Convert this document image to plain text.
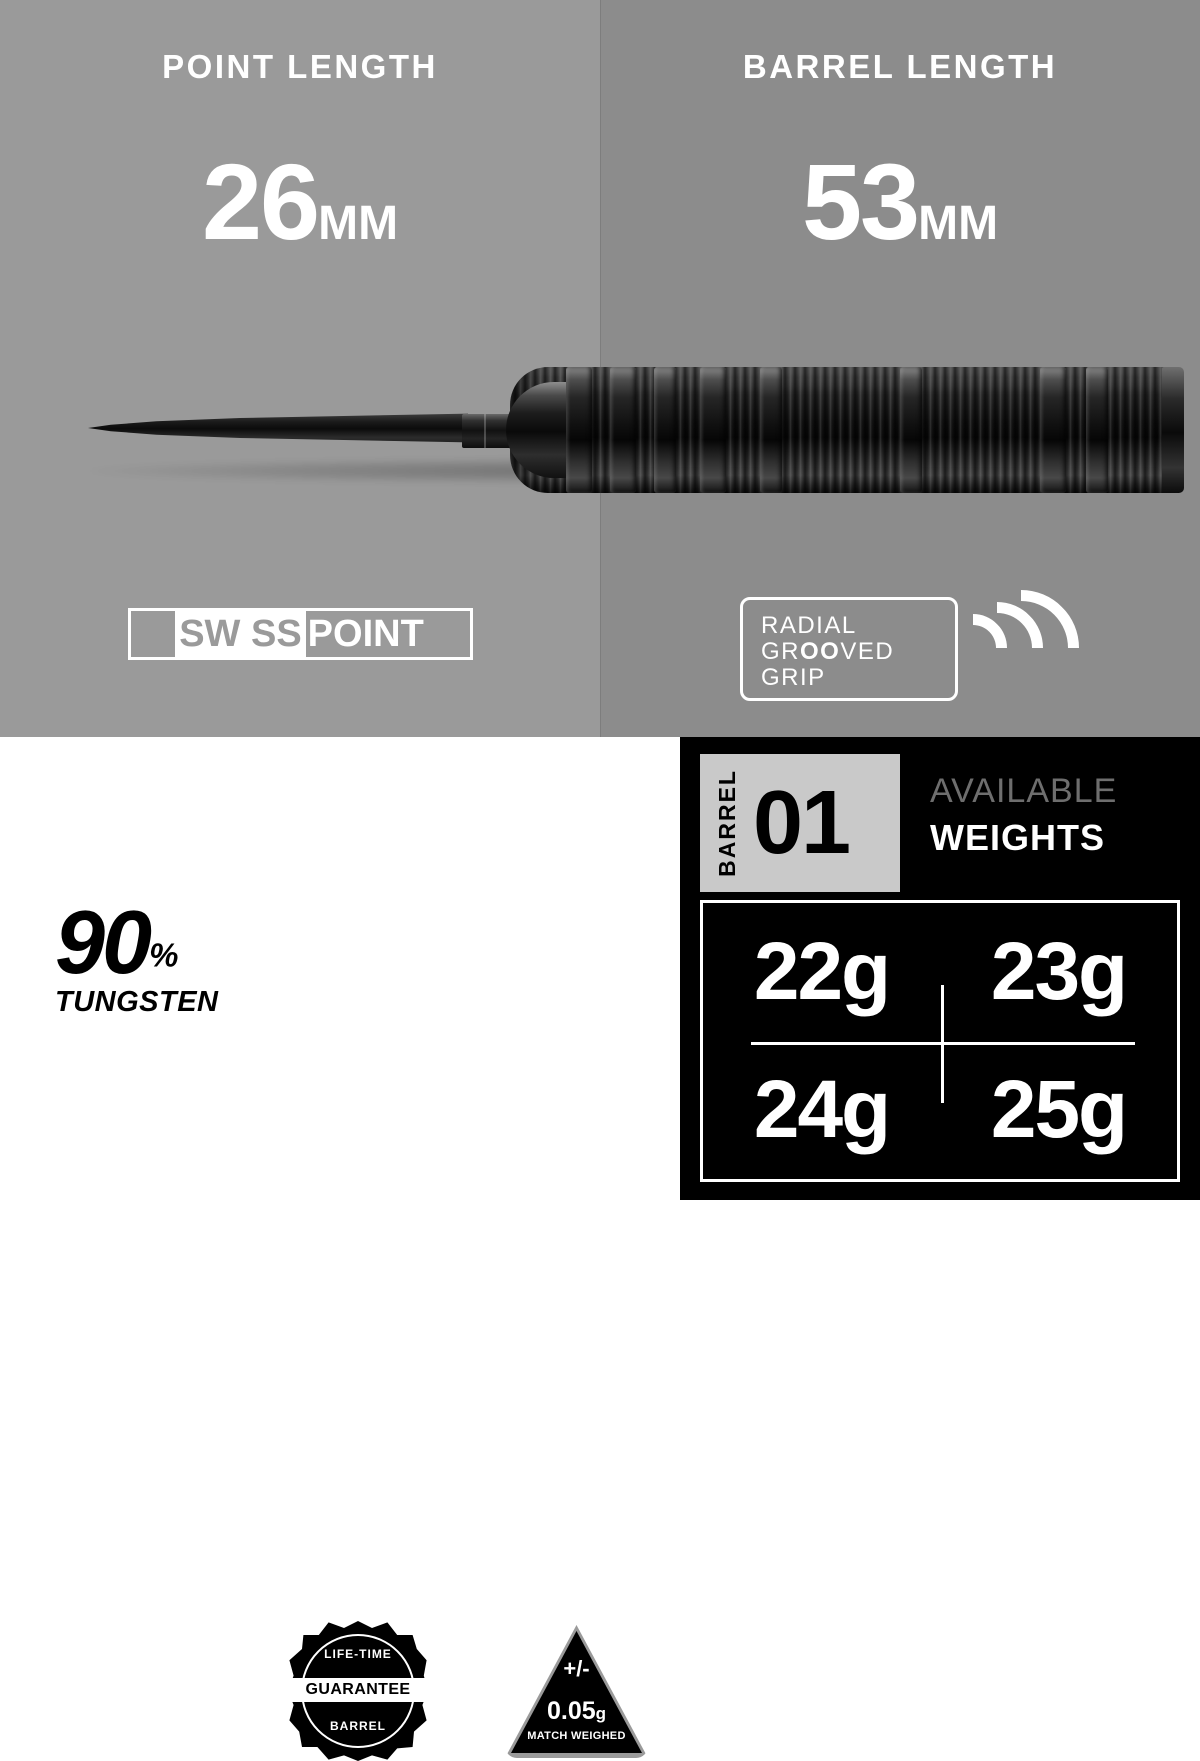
POINT LENGTH
26MM
BARREL LENGTH
53MM
SW SS POINT	RADIAL
GROOVED
GRIP
90%
TUNGSTEN
LIFE-TIME
GUARANTEE
BARREL
+/-
0.05g
MATCH WEIGHED
BARREL 01 AVAILABLE
WEIGHTS
22g	23g
24g	25g
